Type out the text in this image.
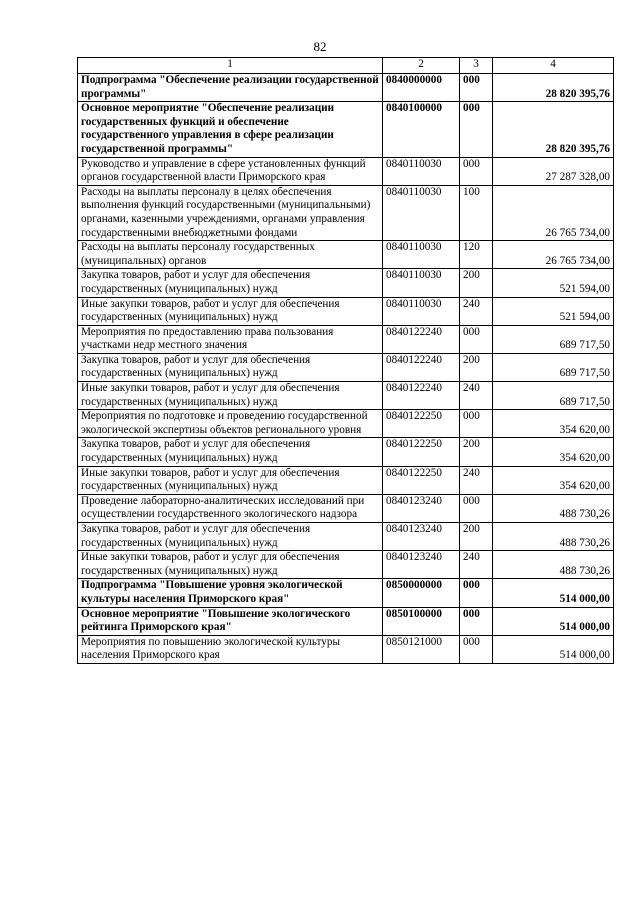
82
1	2	3	4
Подпрограмма "Обеспечение реализации государственной программы"	0840000000	000	28 820 395,76
Основное мероприятие "Обеспечение реализации государственных функций и обеспечение государственного управления в сфере реализации государственной программы"	0840100000	000	28 820 395,76
Руководство и управление в сфере установленных функций органов государственной власти Приморского края	0840110030	000	27 287 328,00
Расходы на выплаты персоналу в целях обеспечения выполнения функций государственными (муниципальными) органами, казенными учреждениями, органами управления государственными внебюджетными фондами	0840110030	100	26 765 734,00
Расходы на выплаты персоналу государственных (муниципальных) органов	0840110030	120	26 765 734,00
Закупка товаров, работ и услуг для обеспечения государственных (муниципальных) нужд	0840110030	200	521 594,00
Иные закупки товаров, работ и услуг для обеспечения государственных (муниципальных) нужд	0840110030	240	521 594,00
Мероприятия по предоставлению права пользования участками недр местного значения	0840122240	000	689 717,50
Закупка товаров, работ и услуг для обеспечения государственных (муниципальных) нужд	0840122240	200	689 717,50
Иные закупки товаров, работ и услуг для обеспечения государственных (муниципальных) нужд	0840122240	240	689 717,50
Мероприятия по подготовке и проведению государственной экологической экспертизы объектов регионального уровня	0840122250	000	354 620,00
Закупка товаров, работ и услуг для обеспечения государственных (муниципальных) нужд	0840122250	200	354 620,00
Иные закупки товаров, работ и услуг для обеспечения государственных (муниципальных) нужд	0840122250	240	354 620,00
Проведение лабораторно-аналитических исследований при осуществлении государственного экологического надзора	0840123240	000	488 730,26
Закупка товаров, работ и услуг для обеспечения государственных (муниципальных) нужд	0840123240	200	488 730,26
Иные закупки товаров, работ и услуг для обеспечения государственных (муниципальных) нужд	0840123240	240	488 730,26
Подпрограмма "Повышение уровня экологической культуры населения Приморского края"	0850000000	000	514 000,00
Основное мероприятие "Повышение экологического рейтинга Приморского края"	0850100000	000	514 000,00
Мероприятия по повышению экологической культуры населения Приморского края	0850121000	000	514 000,00
